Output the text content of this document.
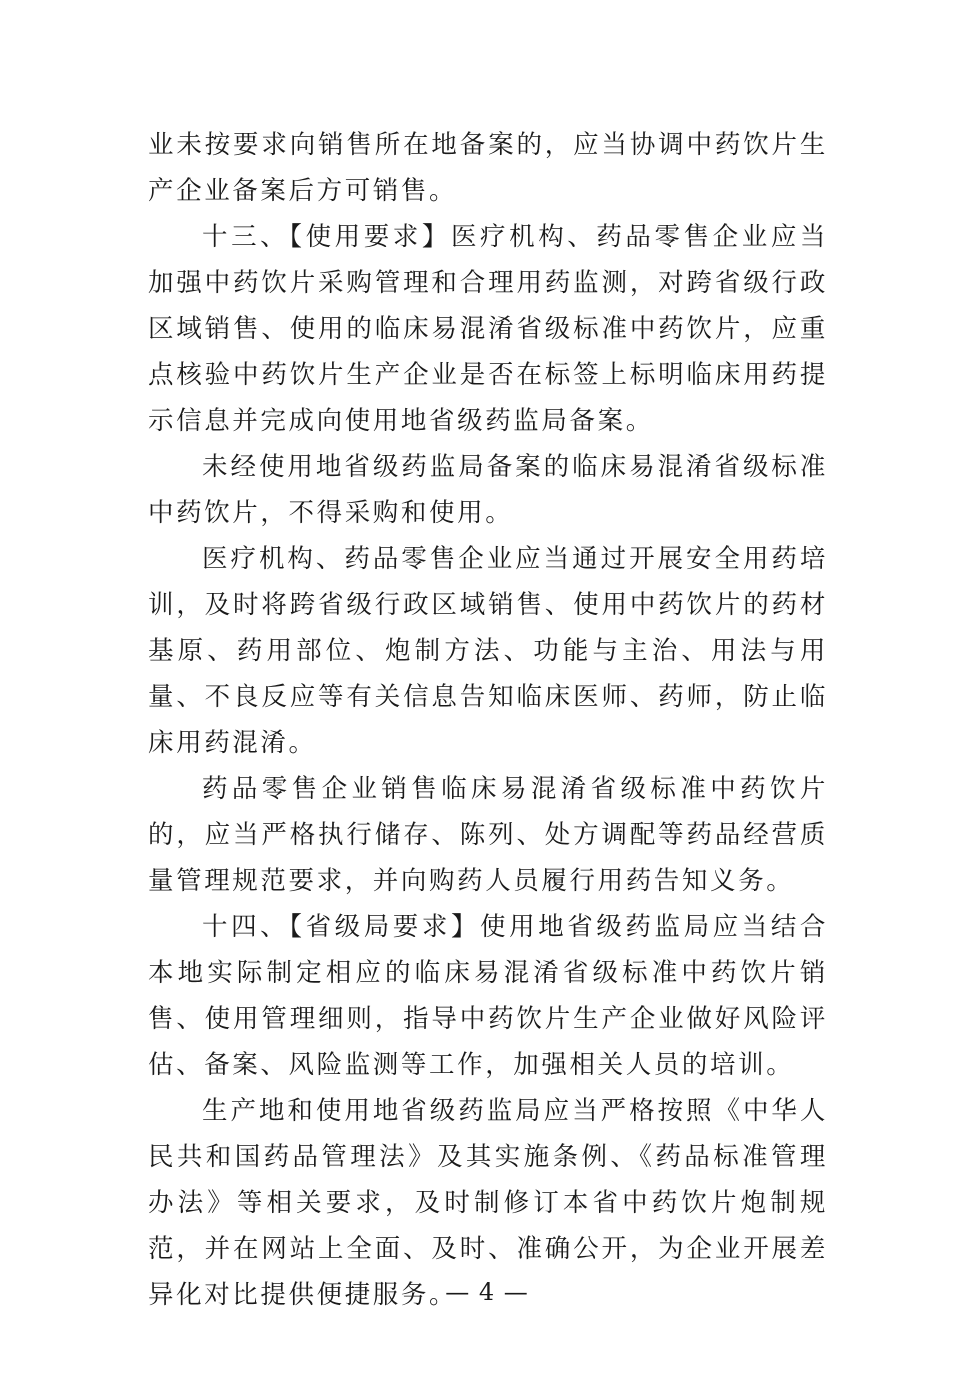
业未按要求向销售所在地备案的，应当协调中药饮片生产企业备案后方可销售。

十三、【使用要求】医疗机构、药品零售企业应当加强中药饮片采购管理和合理用药监测，对跨省级行政区域销售、使用的临床易混淆省级标准中药饮片，应重点核验中药饮片生产企业是否在标签上标明临床用药提示信息并完成向使用地省级药监局备案。

未经使用地省级药监局备案的临床易混淆省级标准中药饮片，不得采购和使用。

医疗机构、药品零售企业应当通过开展安全用药培训，及时将跨省级行政区域销售、使用中药饮片的药材基原、药用部位、炮制方法、功能与主治、用法与用量、不良反应等有关信息告知临床医师、药师，防止临床用药混淆。

药品零售企业销售临床易混淆省级标准中药饮片的，应当严格执行储存、陈列、处方调配等药品经营质量管理规范要求，并向购药人员履行用药告知义务。

十四、【省级局要求】使用地省级药监局应当结合本地实际制定相应的临床易混淆省级标准中药饮片销售、使用管理细则，指导中药饮片生产企业做好风险评估、备案、风险监测等工作，加强相关人员的培训。

生产地和使用地省级药监局应当严格按照《中华人民共和国药品管理法》及其实施条例、《药品标准管理办法》等相关要求，及时制修订本省中药饮片炮制规范，并在网站上全面、及时、准确公开，为企业开展差异化对比提供便捷服务。

— 4 —
